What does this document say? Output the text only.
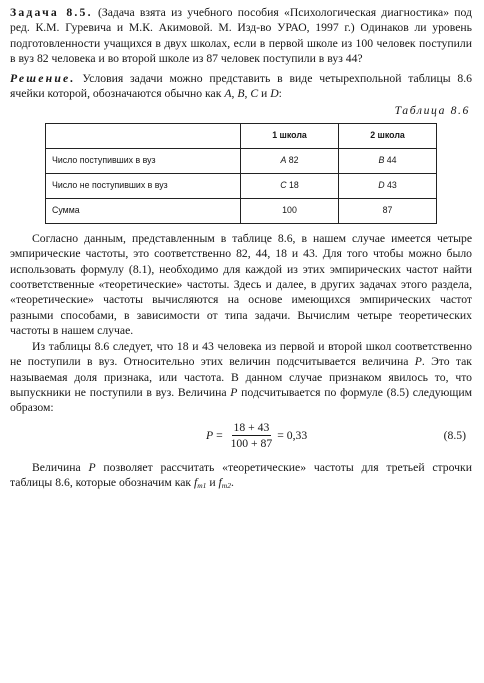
Задача 8.5. (Задача взята из учебного пособия «Психологическая диагностика» под ред. К.М. Гуревича и М.К. Акимовой. М. Изд-во УРАО, 1997 г.) Одинаков ли уровень подготовленности учащихся в двух школах, если в первой школе из 100 человек поступили в вуз 82 человека и во второй школе из 87 человек поступили в вуз 44?

Решение. Условия задачи можно представить в виде четырехпольной таблицы 8.6 ячейки которой, обозначаются обычно как A, B, C и D:

Таблица 8.6
	1 школа	2 школа
Число поступивших в вуз	A 82	B 44
Число не поступивших в вуз	C 18	D 43
Сумма	100	87

Согласно данным, представленным в таблице 8.6, в нашем случае имеется четыре эмпирические частоты, это соответственно 82, 44, 18 и 43. Для того чтобы можно было использовать формулу (8.1), необходимо для каждой из этих эмпирических частот найти соответственные «теоретические» частоты. Здесь и далее, в других задачах этого раздела, «теоретические» частоты вычисляются на основе имеющихся эмпирических частот разными способами, в зависимости от типа задачи. Вычислим четыре теоретических частоты в нашем случае.

Из таблицы 8.6 следует, что 18 и 43 человека из первой и второй школ соответственно не поступили в вуз. Относительно этих величин подсчитывается величина P. Это так называемая доля признака, или частота. В данном случае признаком явилось то, что выпускники не поступили в вуз. Величина P подсчитывается по формуле (8.5) следующим образом:

$P = \frac{18 + 43}{100 + 87} = 0,33$	(8.5)

Величина P позволяет рассчитать «теоретические» частоты для третьей строчки таблицы 8.6, которые обозначим как $f_{т1}$ и $f_{т2}$.
